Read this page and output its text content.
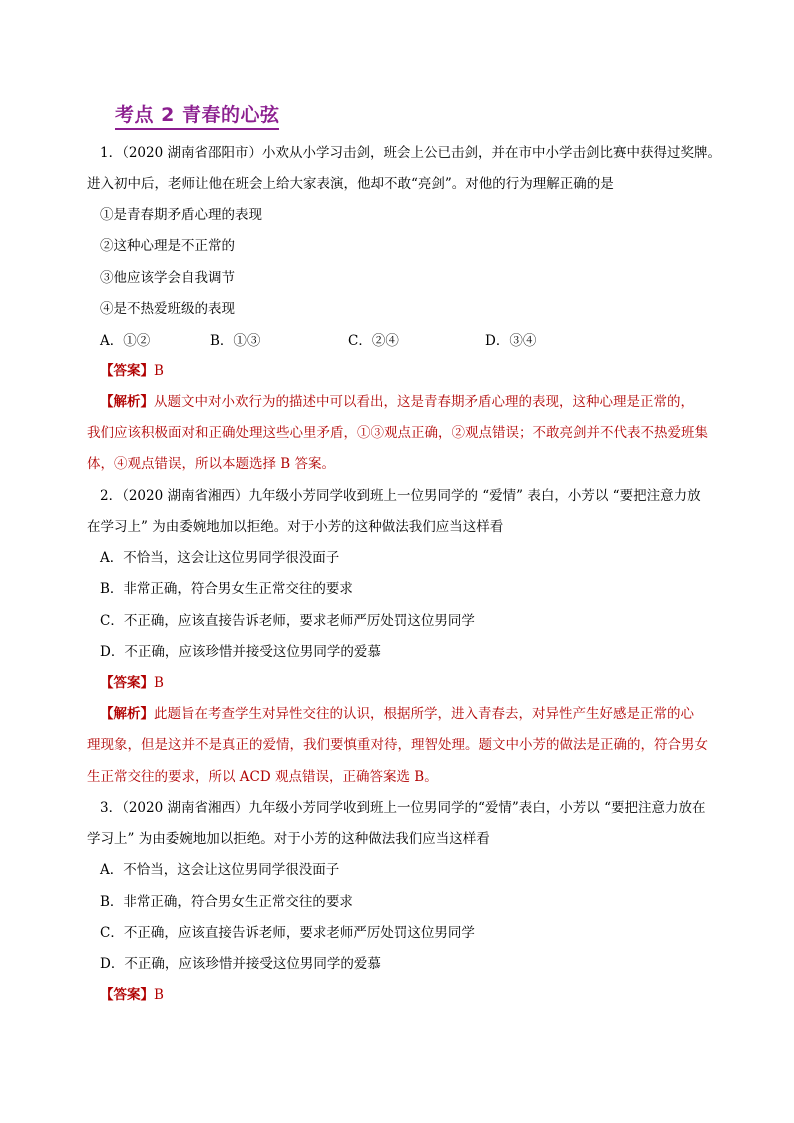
考点 2 青春的心弦
1．（2020 湖南省邵阳市）小欢从小学习击剑，班会上公已击剑，并在市中小学击剑比赛中获得过奖牌。
进入初中后，老师让他在班会上给大家表演，他却不敢“亮剑”。对他的行为理解正确的是
①是青春期矛盾心理的表现
②这种心理是不正常的
③他应该学会自我调节
④是不热爱班级的表现
A．①②	B．①③	C．②④	D．③④
【答案】B
【解析】从题文中对小欢行为的描述中可以看出，这是青春期矛盾心理的表现，这种心理是正常的，
我们应该积极面对和正确处理这些心里矛盾，①③观点正确，②观点错误；不敢亮剑并不代表不热爱班集
体，④观点错误，所以本题选择 B 答案。
2．（2020 湖南省湘西）九年级小芳同学收到班上一位男同学的 “爱情” 表白，小芳以 “要把注意力放
在学习上” 为由委婉地加以拒绝。对于小芳的这种做法我们应当这样看
A．不恰当，这会让这位男同学很没面子
B．非常正确，符合男女生正常交往的要求
C．不正确，应该直接告诉老师，要求老师严厉处罚这位男同学
D．不正确，应该珍惜并接受这位男同学的爱慕
【答案】B
【解析】此题旨在考查学生对异性交往的认识，根据所学，进入青春去，对异性产生好感是正常的心
理现象，但是这并不是真正的爱情，我们要慎重对待，理智处理。题文中小芳的做法是正确的，符合男女
生正常交往的要求，所以 ACD 观点错误，正确答案选 B。
3．（2020 湖南省湘西）九年级小芳同学收到班上一位男同学的“爱情”表白，小芳以 “要把注意力放在
学习上” 为由委婉地加以拒绝。对于小芳的这种做法我们应当这样看
A．不恰当，这会让这位男同学很没面子
B．非常正确，符合男女生正常交往的要求
C．不正确，应该直接告诉老师，要求老师严厉处罚这位男同学
D．不正确，应该珍惜并接受这位男同学的爱慕
【答案】B
